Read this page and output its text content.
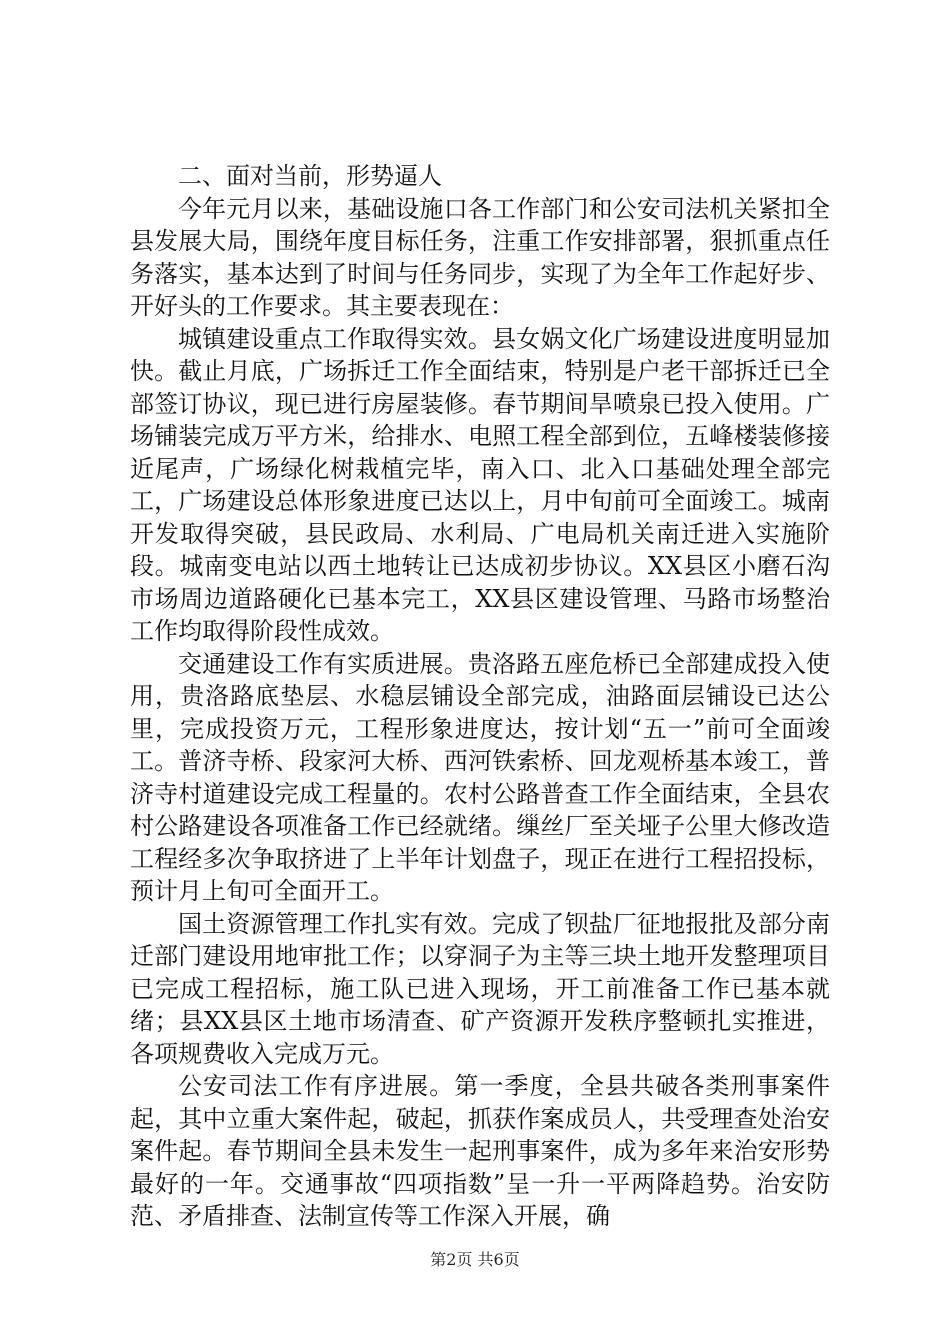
二、面对当前，形势逼人

今年元月以来，基础设施口各工作部门和公安司法机关紧扣全县发展大局，围绕年度目标任务，注重工作安排部署，狠抓重点任务落实，基本达到了时间与任务同步，实现了为全年工作起好步、开好头的工作要求。其主要表现在：

城镇建设重点工作取得实效。县女娲文化广场建设进度明显加快。截止月底，广场拆迁工作全面结束，特别是户老干部拆迁已全部签订协议，现已进行房屋装修。春节期间旱喷泉已投入使用。广场铺装完成万平方米，给排水、电照工程全部到位，五峰楼装修接近尾声，广场绿化树栽植完毕，南入口、北入口基础处理全部完工，广场建设总体形象进度已达以上，月中旬前可全面竣工。城南开发取得突破，县民政局、水利局、广电局机关南迁进入实施阶段。城南变电站以西土地转让已达成初步协议。XX县区小磨石沟市场周边道路硬化已基本完工，XX县区建设管理、马路市场整治工作均取得阶段性成效。

交通建设工作有实质进展。贵洛路五座危桥已全部建成投入使用，贵洛路底垫层、水稳层铺设全部完成，油路面层铺设已达公里，完成投资万元，工程形象进度达，按计划“五一”前可全面竣工。普济寺桥、段家河大桥、西河铁索桥、回龙观桥基本竣工，普济寺村道建设完成工程量的。农村公路普查工作全面结束，全县农村公路建设各项准备工作已经就绪。缫丝厂至关垭子公里大修改造工程经多次争取挤进了上半年计划盘子，现正在进行工程招投标，预计月上旬可全面开工。

国土资源管理工作扎实有效。完成了钡盐厂征地报批及部分南迁部门建设用地审批工作；以穿洞子为主等三块土地开发整理项目已完成工程招标，施工队已进入现场，开工前准备工作已基本就绪；县XX县区土地市场清查、矿产资源开发秩序整顿扎实推进，各项规费收入完成万元。

公安司法工作有序进展。第一季度，全县共破各类刑事案件起，其中立重大案件起，破起，抓获作案成员人，共受理查处治安案件起。春节期间全县未发生一起刑事案件，成为多年来治安形势最好的一年。交通事故“四项指数”呈一升一平两降趋势。治安防范、矛盾排查、法制宣传等工作深入开展，确

第2页 共6页
